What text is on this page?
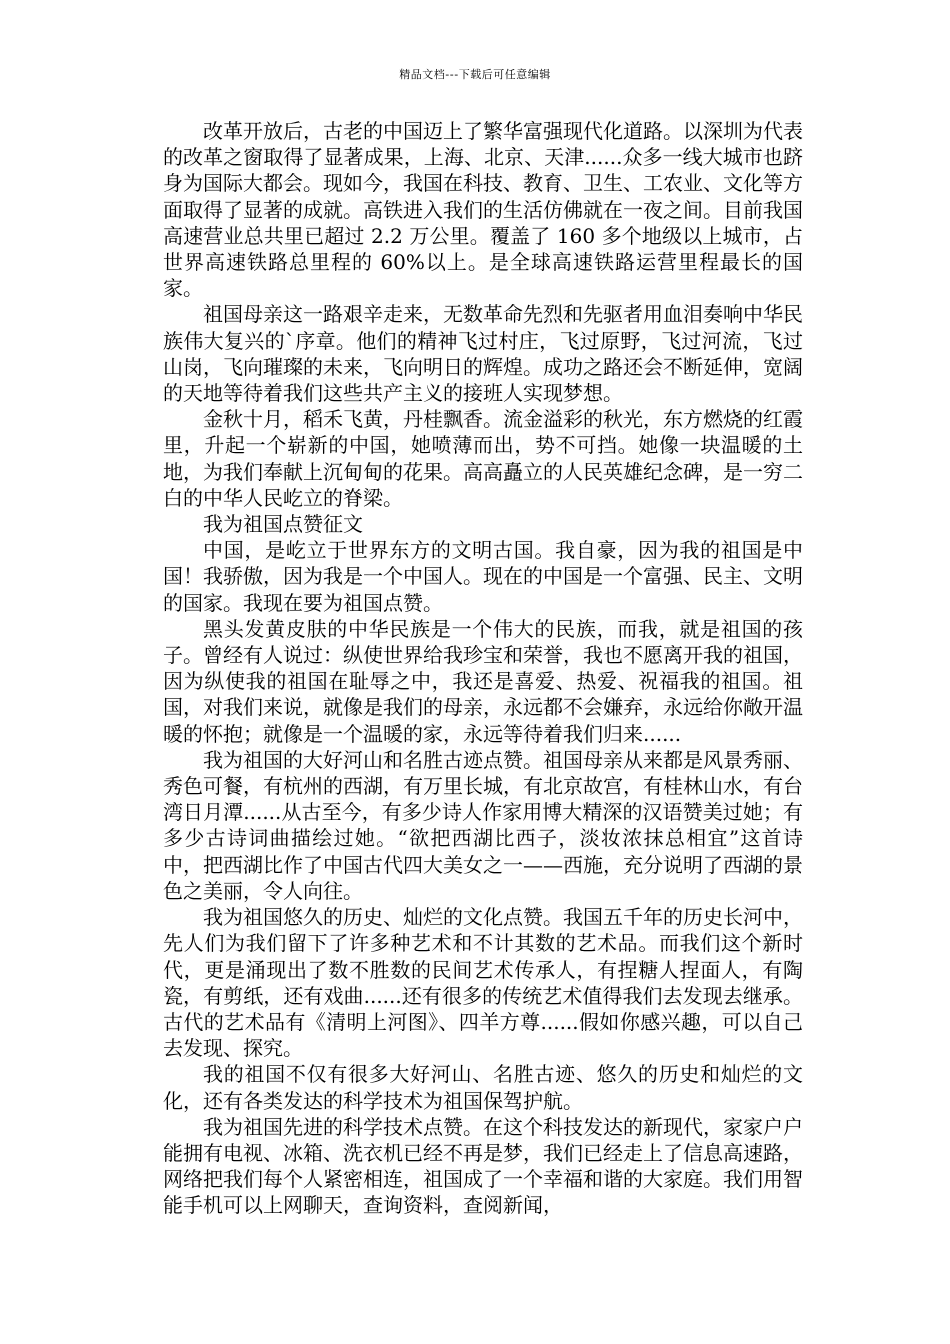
精品文档---下载后可任意编辑

改革开放后，古老的中国迈上了繁华富强现代化道路。以深圳为代表的改革之窗取得了显著成果，上海、北京、天津......众多一线大城市也跻身为国际大都会。现如今，我国在科技、教育、卫生、工农业、文化等方面取得了显著的成就。高铁进入我们的生活仿佛就在一夜之间。目前我国高速营业总共里已超过 2.2 万公里。覆盖了 160 多个地级以上城市，占世界高速铁路总里程的 60%以上。是全球高速铁路运营里程最长的国家。

祖国母亲这一路艰辛走来，无数革命先烈和先驱者用血泪奏响中华民族伟大复兴的`序章。他们的精神飞过村庄，飞过原野，飞过河流，飞过山岗，飞向璀璨的未来，飞向明日的辉煌。成功之路还会不断延伸，宽阔的天地等待着我们这些共产主义的接班人实现梦想。

金秋十月，稻禾飞黄，丹桂飘香。流金溢彩的秋光，东方燃烧的红霞里，升起一个崭新的中国，她喷薄而出，势不可挡。她像一块温暖的土地，为我们奉献上沉甸甸的花果。高高矗立的人民英雄纪念碑，是一穷二白的中华人民屹立的脊梁。

我为祖国点赞征文

中国，是屹立于世界东方的文明古国。我自豪，因为我的祖国是中国！我骄傲，因为我是一个中国人。现在的中国是一个富强、民主、文明的国家。我现在要为祖国点赞。

黑头发黄皮肤的中华民族是一个伟大的民族，而我，就是祖国的孩子。曾经有人说过：纵使世界给我珍宝和荣誉，我也不愿离开我的祖国，因为纵使我的祖国在耻辱之中，我还是喜爱、热爱、祝福我的祖国。祖国，对我们来说，就像是我们的母亲，永远都不会嫌弃，永远给你敞开温暖的怀抱；就像是一个温暖的家，永远等待着我们归来......

我为祖国的大好河山和名胜古迹点赞。祖国母亲从来都是风景秀丽、秀色可餐，有杭州的西湖，有万里长城，有北京故宫，有桂林山水，有台湾日月潭......从古至今，有多少诗人作家用博大精深的汉语赞美过她；有多少古诗词曲描绘过她。“欲把西湖比西子，淡妆浓抹总相宜”这首诗中，把西湖比作了中国古代四大美女之一——西施，充分说明了西湖的景色之美丽，令人向往。

我为祖国悠久的历史、灿烂的文化点赞。我国五千年的历史长河中，先人们为我们留下了许多种艺术和不计其数的艺术品。而我们这个新时代，更是涌现出了数不胜数的民间艺术传承人，有捏糖人捏面人，有陶瓷，有剪纸，还有戏曲......还有很多的传统艺术值得我们去发现去继承。古代的艺术品有《清明上河图》、四羊方尊......假如你感兴趣，可以自己去发现、探究。

我的祖国不仅有很多大好河山、名胜古迹、悠久的历史和灿烂的文化，还有各类发达的科学技术为祖国保驾护航。

我为祖国先进的科学技术点赞。在这个科技发达的新现代，家家户户能拥有电视、冰箱、洗衣机已经不再是梦，我们已经走上了信息高速路，网络把我们每个人紧密相连，祖国成了一个幸福和谐的大家庭。我们用智能手机可以上网聊天，查询资料，查阅新闻，
